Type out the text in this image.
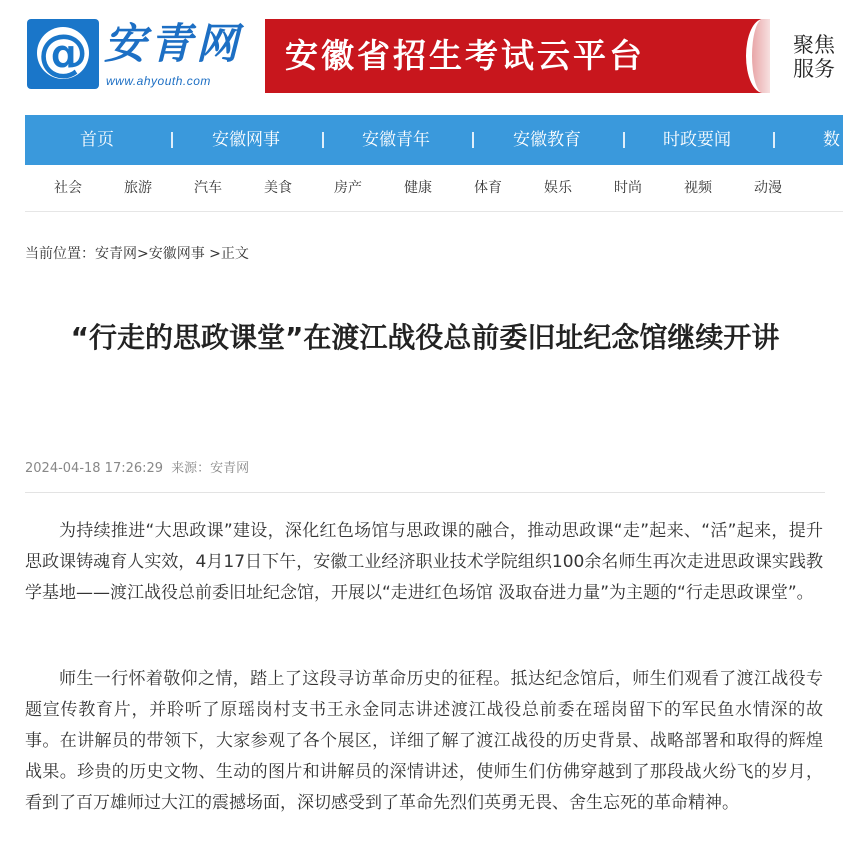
@ 安青网
www.ahyouth.com
安徽省招生考试云平台	聚焦
服务
首页	安徽网事	安徽青年	安徽教育	时政要闻	数
社会	旅游	汽车	美食	房产	健康	体育	娱乐	时尚	视频	动漫
当前位置：安青网>安徽网事 >正文
“行走的思政课堂”在渡江战役总前委旧址纪念馆继续开讲
2024-04-18 17:26:29 来源：安青网

为持续推进“大思政课”建设，深化红色场馆与思政课的融合，推动思政课“走”起来、“活”起来，提升思政课铸魂育人实效，4月17日下午，安徽工业经济职业技术学院组织100余名师生再次走进思政课实践教学基地——渡江战役总前委旧址纪念馆，开展以“走进红色场馆 汲取奋进力量”为主题的“行走思政课堂”。

师生一行怀着敬仰之情，踏上了这段寻访革命历史的征程。抵达纪念馆后，师生们观看了渡江战役专题宣传教育片，并聆听了原瑶岗村支书王永金同志讲述渡江战役总前委在瑶岗留下的军民鱼水情深的故事。在讲解员的带领下，大家参观了各个展区，详细了解了渡江战役的历史背景、战略部署和取得的辉煌战果。珍贵的历史文物、生动的图片和讲解员的深情讲述，使师生们仿佛穿越到了那段战火纷飞的岁月，看到了百万雄师过大江的震撼场面，深切感受到了革命先烈们英勇无畏、舍生忘死的革命精神。
